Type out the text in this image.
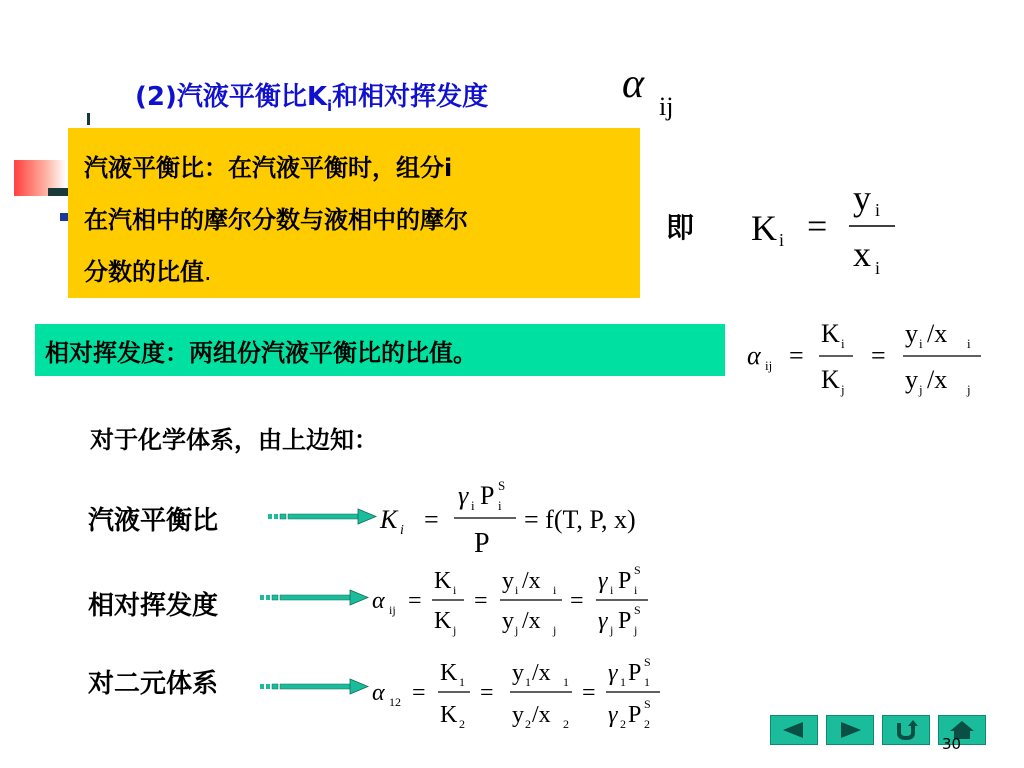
(2)汽液平衡比$K_i$和相对挥发度	α ij
汽液平衡比：在汽液平衡时，组分i
在汽相中的摩尔分数与液相中的摩尔
分数的比值.
即 K i =
y i
x i
相对挥发度：两组份汽液平衡比的比值。	α ij =
K i
K j
=
y i /x i
y j /x j
对于化学体系，由上边知：
汽液平衡比
相对挥发度
对二元体系
K i =
γ i P S
i
P
= f(T, P, x)
α ij =
K i
K j
=
y i /x i
y j /x j
=
γ i P S
i
γ j P S
j
α 12 =
K 1
K 2
=
y 1 /x 1
y 2 /x 2
=
γ 1 P S
1
γ 2 P S
2
30
